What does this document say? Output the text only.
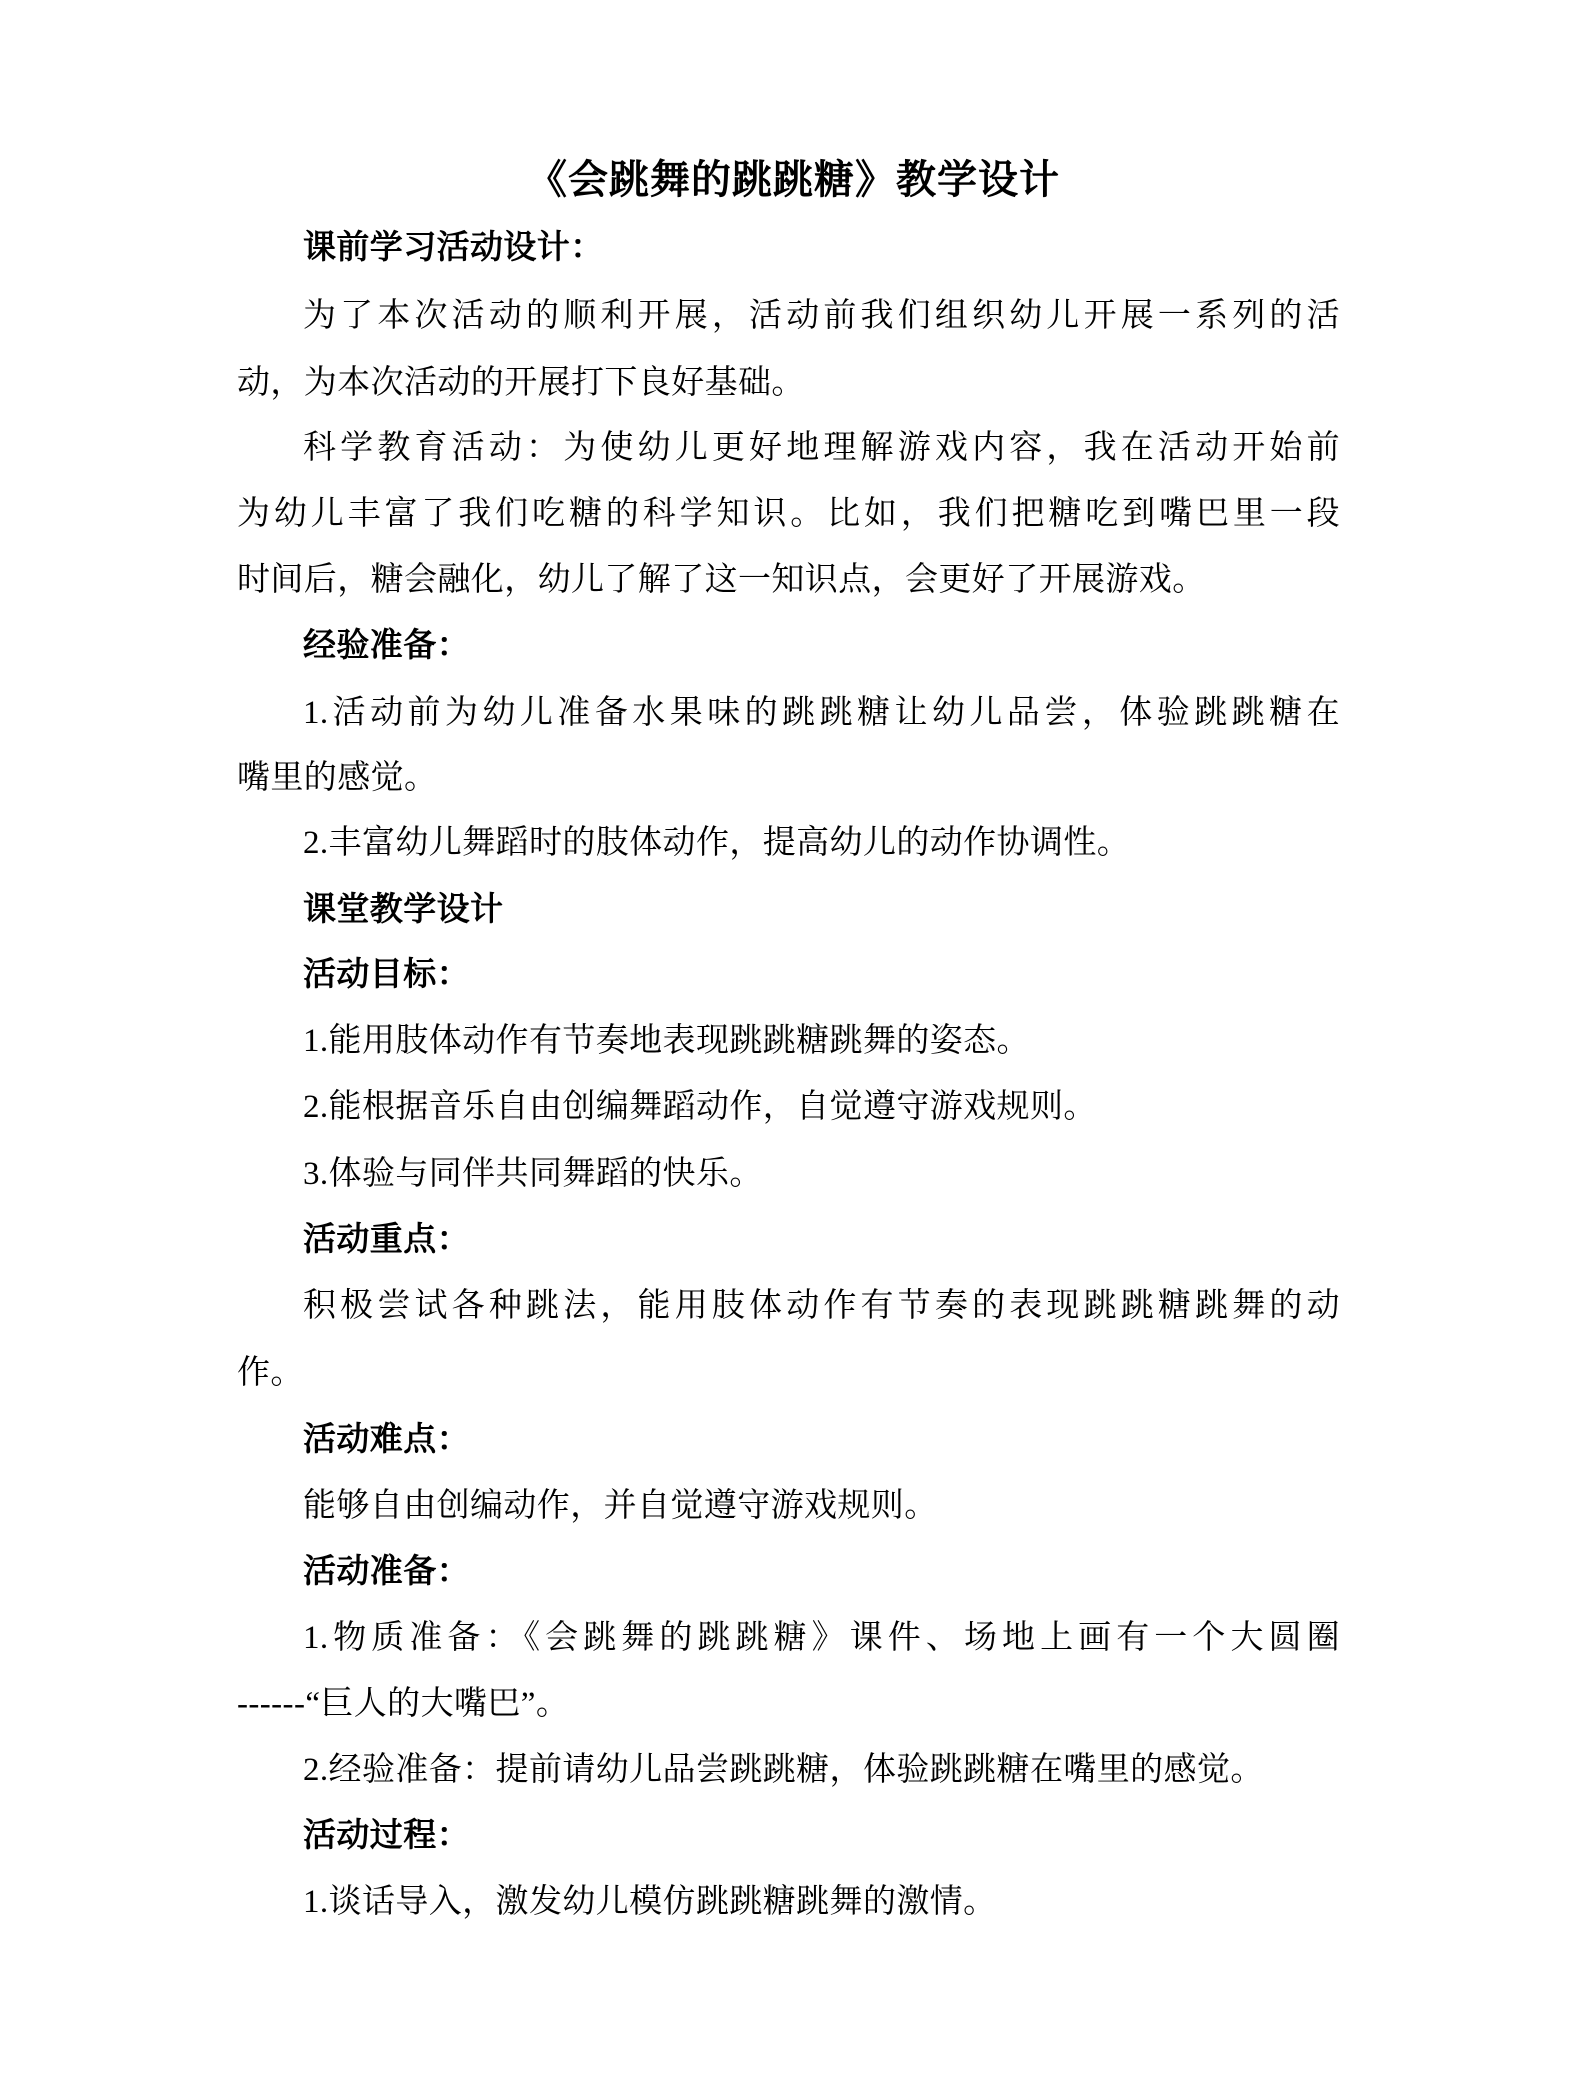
《会跳舞的跳跳糖》教学设计
课前学习活动设计：
为了本次活动的顺利开展，活动前我们组织幼儿开展一系列的活
动，为本次活动的开展打下良好基础。
科学教育活动：为使幼儿更好地理解游戏内容，我在活动开始前
为幼儿丰富了我们吃糖的科学知识。比如，我们把糖吃到嘴巴里一段
时间后，糖会融化，幼儿了解了这一知识点，会更好了开展游戏。
经验准备：
1.活动前为幼儿准备水果味的跳跳糖让幼儿品尝，体验跳跳糖在
嘴里的感觉。
2.丰富幼儿舞蹈时的肢体动作，提高幼儿的动作协调性。
课堂教学设计
活动目标：
1.能用肢体动作有节奏地表现跳跳糖跳舞的姿态。
2.能根据音乐自由创编舞蹈动作，自觉遵守游戏规则。
3.体验与同伴共同舞蹈的快乐。
活动重点：
积极尝试各种跳法，能用肢体动作有节奏的表现跳跳糖跳舞的动
作。
活动难点：
能够自由创编动作，并自觉遵守游戏规则。
活动准备：
1.物质准备：《会跳舞的跳跳糖》课件、场地上画有一个大圆圈
------“巨人的大嘴巴”。
2.经验准备：提前请幼儿品尝跳跳糖，体验跳跳糖在嘴里的感觉。
活动过程：
1.谈话导入，激发幼儿模仿跳跳糖跳舞的激情。
